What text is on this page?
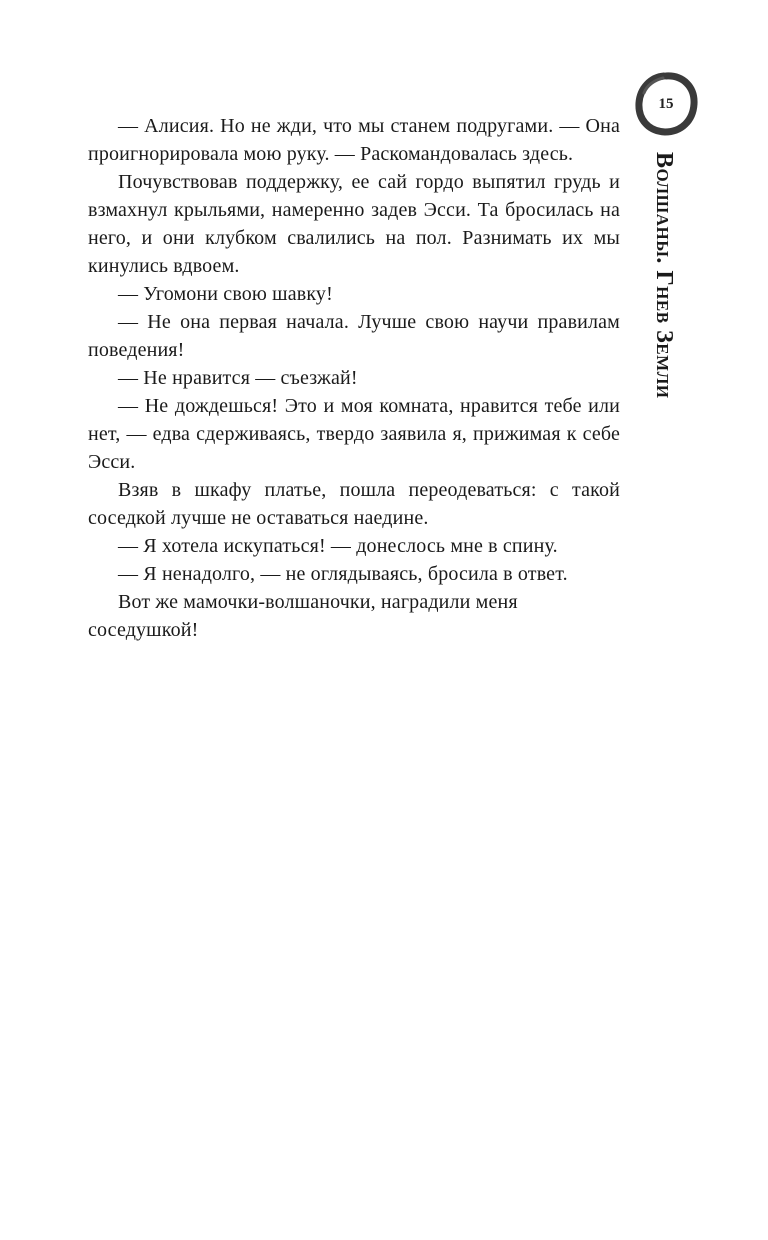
15
Волшаны. Гнев Земли

— Алисия. Но не жди, что мы станем подругами. — Она проигнорировала мою руку. — Раскомандовалась здесь.

Почувствовав поддержку, ее сай гордо выпятил грудь и взмахнул крыльями, намеренно задев Эсси. Та бросилась на него, и они клубком свалились на пол. Разнимать их мы кинулись вдвоем.

— Угомони свою шавку!

— Не она первая начала. Лучше свою научи правилам поведения!

— Не нравится — съезжай!

— Не дождешься! Это и моя комната, нравится тебе или нет, — едва сдерживаясь, твердо заявила я, прижимая к себе Эсси.

Взяв в шкафу платье, пошла переодеваться: с такой соседкой лучше не оставаться наедине.

— Я хотела искупаться! — донеслось мне в спину.

— Я ненадолго, — не оглядываясь, бросила в ответ.

Вот же мамочки-волшаночки, наградили меня соседушкой!
